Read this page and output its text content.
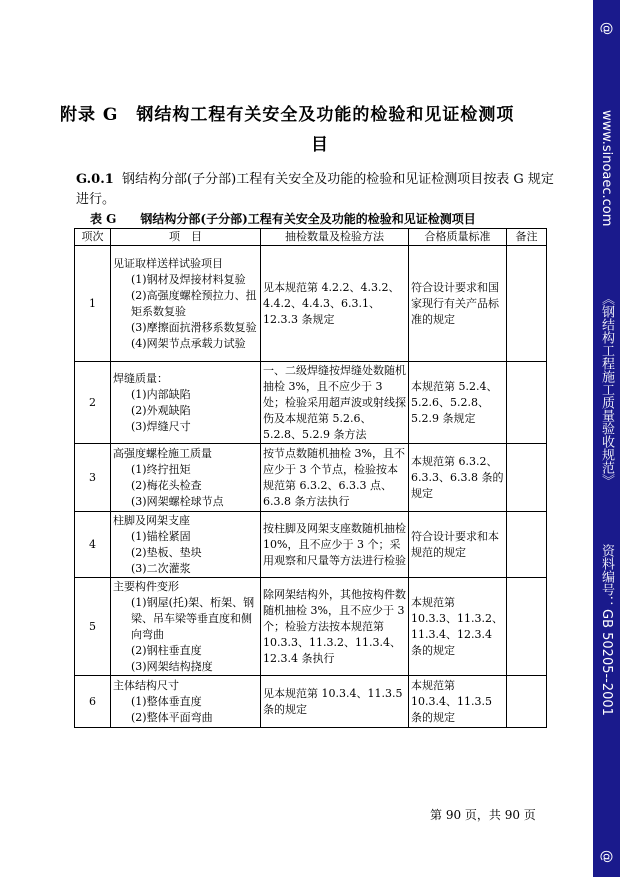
@
www.sinoaec.com
《钢结构工程施工质量验收规范》
资料编号：GB 50205--2001
@
附录 G　钢结构工程有关安全及功能的检验和见证检测项
目
G.0.1 钢结构分部(子分部)工程有关安全及功能的检验和见证检测项目按表 G 规定进行。
表 G　　钢结构分部(子分部)工程有关安全及功能的检验和见证检测项目
项次	项　目	抽检数量及检验方法	合格质量标准	备注
1	见证取样送样试验项目
(1)钢材及焊接材料复验
(2)高强度螺栓预拉力、扭矩系数复验
(3)摩擦面抗滑移系数复验
(4)网架节点承载力试验	见本规范第 4.2.2、4.3.2、4.4.2、4.4.3、6.3.1、12.3.3 条规定	符合设计要求和国家现行有关产品标准的规定	
2	焊缝质量：
(1)内部缺陷
(2)外观缺陷
(3)焊缝尺寸	一、二级焊缝按焊缝处数随机抽检 3%，且不应少于 3 处；检验采用超声波或射线探伤及本规范第 5.2.6、5.2.8、5.2.9 条方法	本规范第 5.2.4、5.2.6、5.2.8、5.2.9 条规定	
3	高强度螺栓施工质量
(1)终拧扭矩
(2)梅花头检查
(3)网架螺栓球节点	按节点数随机抽检 3%，且不应少于 3 个节点，检验按本规范第 6.3.2、6.3.3 点、6.3.8 条方法执行	本规范第 6.3.2、6.3.3、6.3.8 条的规定	
4	柱脚及网架支座
(1)锚栓紧固
(2)垫板、垫块
(3)二次灌浆	按柱脚及网架支座数随机抽检 10%，且不应少于 3 个；采用观察和尺量等方法进行检验	符合设计要求和本规范的规定	
5	主要构件变形
(1)钢屋(托)架、桁架、钢梁、吊车梁等垂直度和侧向弯曲
(2)钢柱垂直度
(3)网架结构挠度	除网架结构外，其他按构件数随机抽检 3%，且不应少于 3 个；检验方法按本规范第 10.3.3、11.3.2、11.3.4、12.3.4 条执行	本规范第 10.3.3、11.3.2、11.3.4、12.3.4 条的规定	
6	主体结构尺寸
(1)整体垂直度
(2)整体平面弯曲	见本规范第 10.3.4、11.3.5 条的规定	本规范第 10.3.4、11.3.5 条的规定	
第 90 页，共 90 页
